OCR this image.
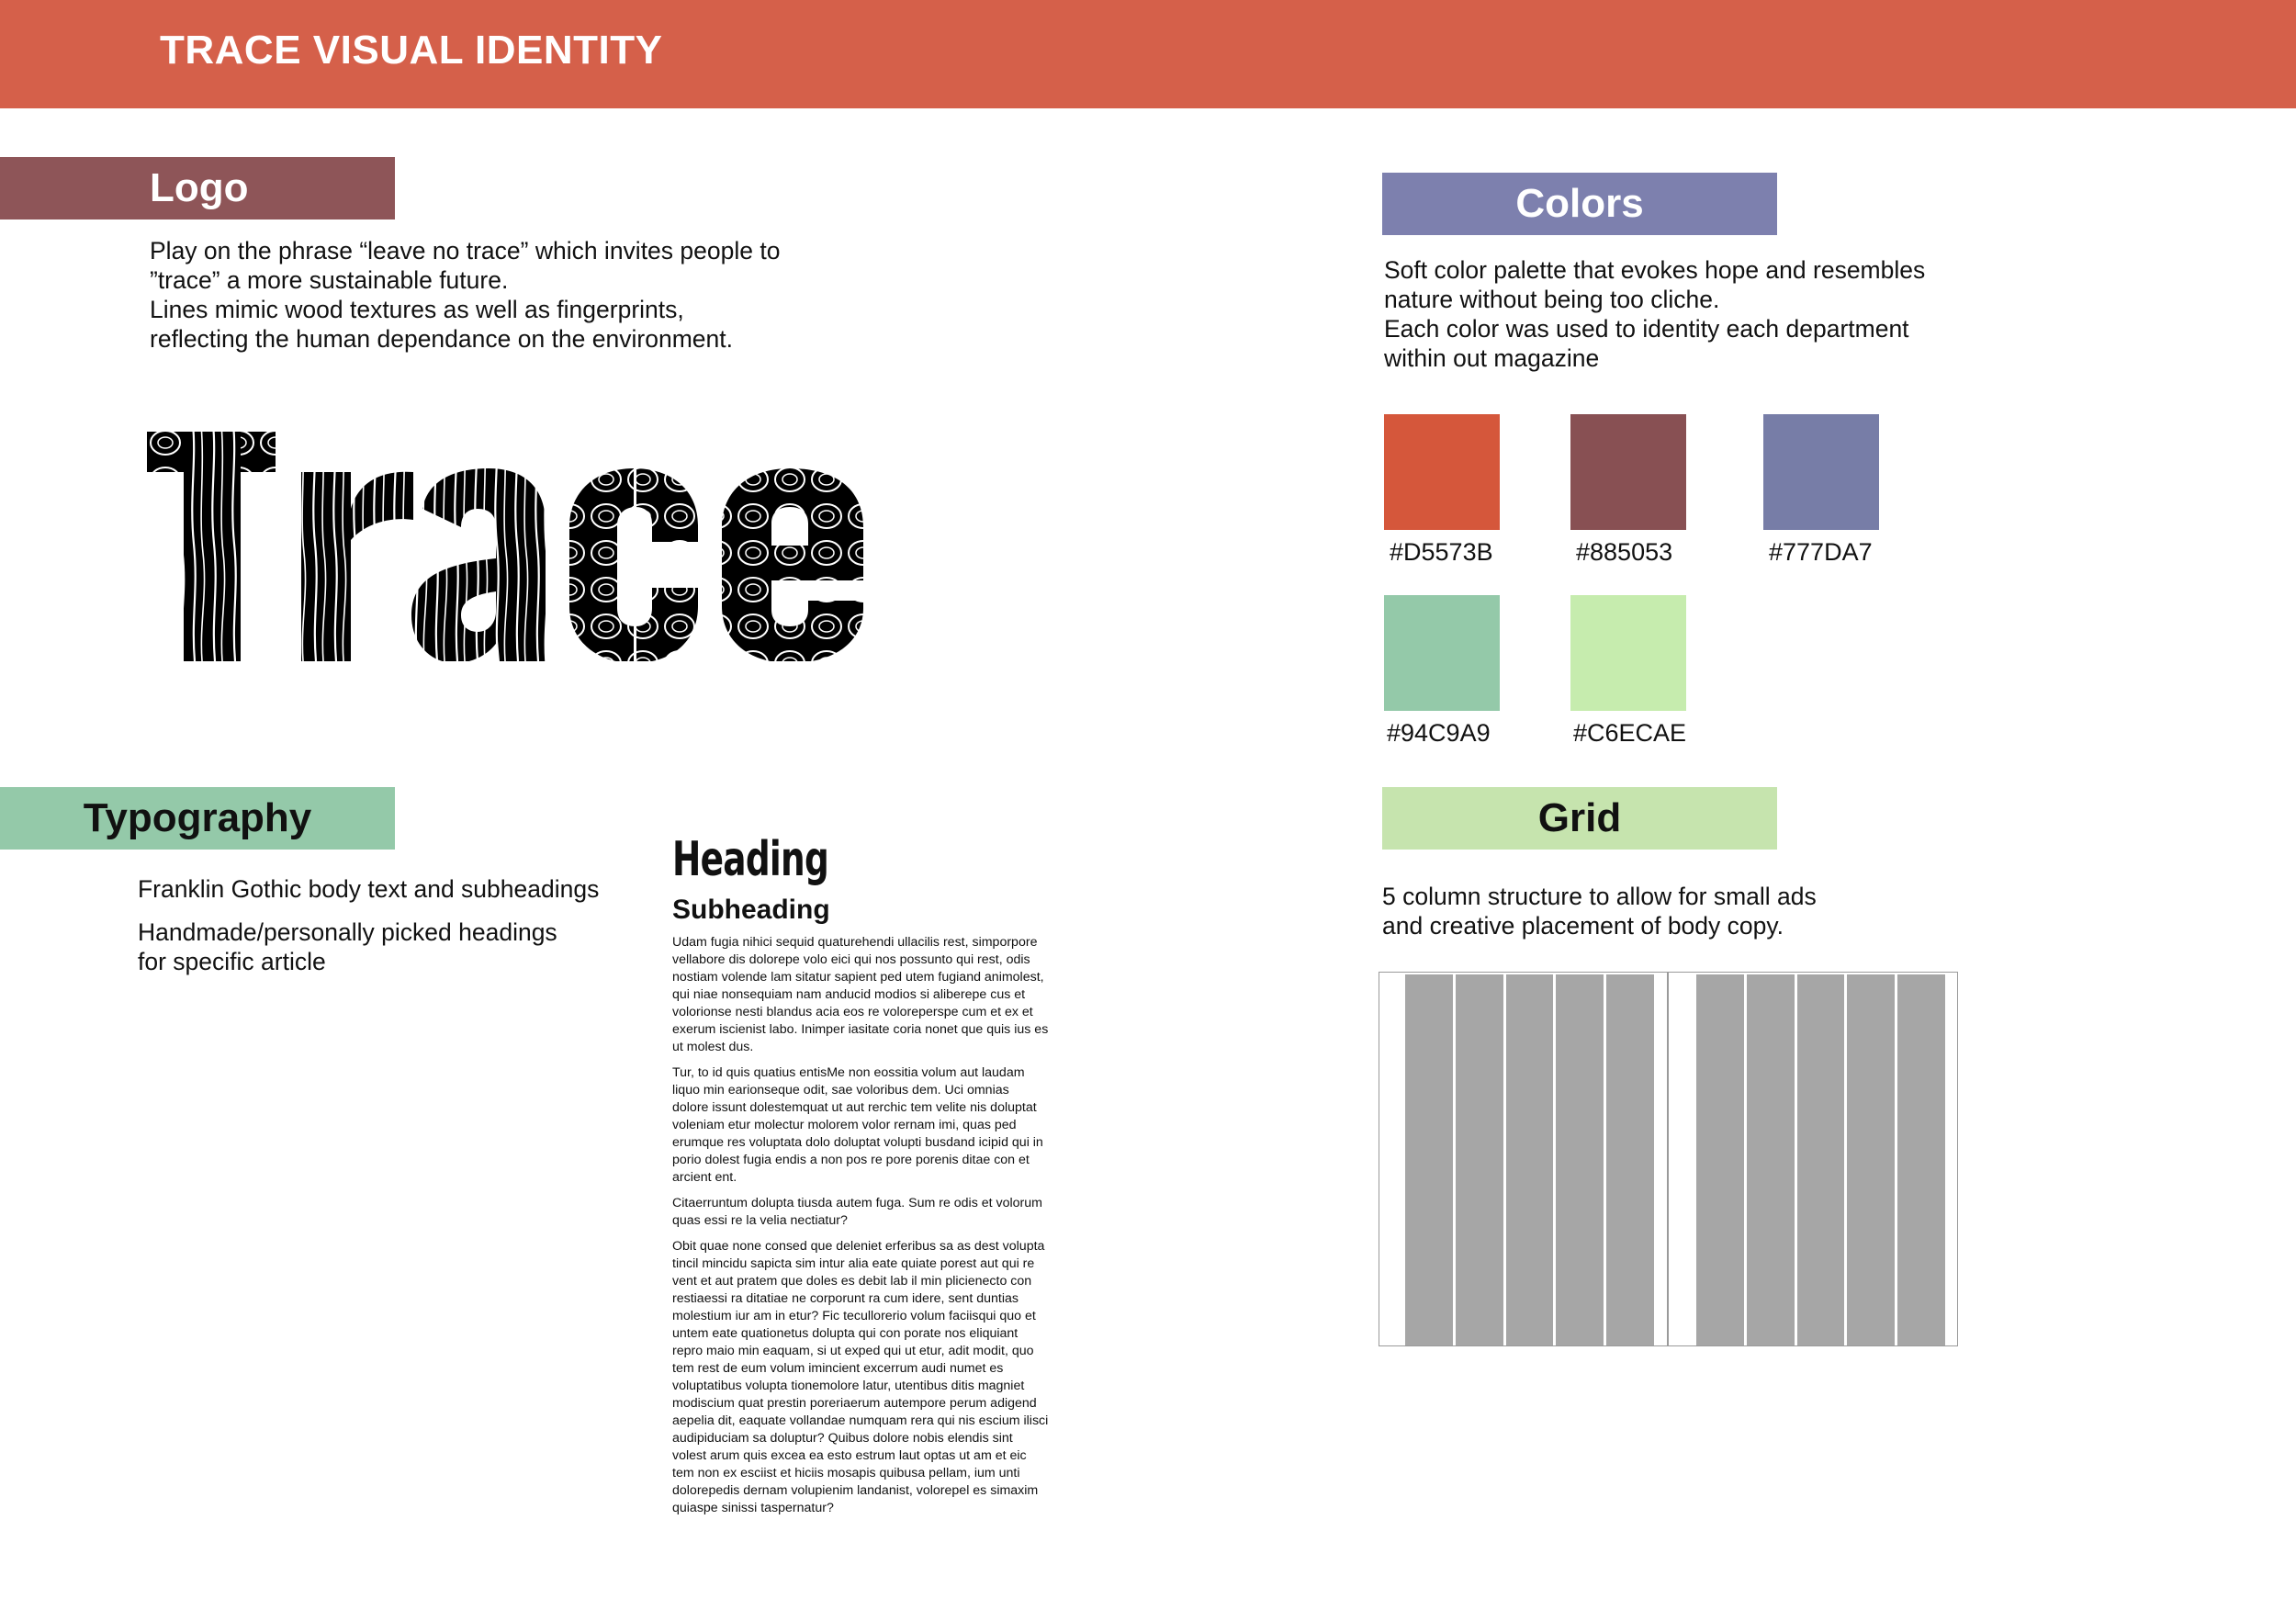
TRACE VISUAL IDENTITY
Logo
Play on the phrase “leave no trace” which invites people to
”trace” a more sustainable future.
Lines mimic wood textures as well as fingerprints,
reflecting the human dependance on the environment.
Colors
Soft color palette that evokes hope and resembles
nature without being too cliche.
Each color was used to identity each department
within out magazine
#D5573B	#885053	#777DA7
#94C9A9	#C6ECAE
Typography
Franklin Gothic body text and subheadings
Handmade/personally picked headings
for specific article
Heading
Subheading

Udam fugia nihici sequid quaturehendi ullacilis rest, simporpore vellabore dis dolorepe volo eici qui nos possunto qui rest, odis nostiam volende lam sitatur sapient ped utem fugiand animolest, qui niae nonsequiam nam anducid modios si aliberepe cus et volorionse nesti blandus acia eos re voloreperspe cum et ex et exerum iscienist labo. Inimper iasitate coria nonet que quis ius es ut molest dus.

Tur, to id quis quatius entisMe non eossitia volum aut laudam liquo min earionseque odit, sae voloribus dem. Uci omnias dolore issunt dolestemquat ut aut rerchic tem velite nis doluptat voleniam etur molectur molorem volor rernam imi, quas ped erumque res voluptata dolo doluptat volupti busdand icipid qui in porio dolest fugia endis a non pos re pore porenis ditae con et arcient ent.

Citaerruntum dolupta tiusda autem fuga. Sum re odis et volorum quas essi re la velia nectiatur?

Obit quae none consed que deleniet erferibus sa as dest volupta tincil mincidu sapicta sim intur alia eate quiate porest aut qui re vent et aut pratem que doles es debit lab il min plicienecto con restiaessi ra ditatiae ne corporunt ra cum idere, sent duntias molestium iur am in etur? Fic tecullorerio volum faciisqui quo et untem eate quationetus dolupta qui con porate nos eliquiant repro maio min eaquam, si ut exped qui ut etur, adit modit, quo tem rest de eum volum imincient excerrum audi numet es voluptatibus volupta tionemolore latur, utentibus ditis magniet modiscium quat prestin poreriaerum autempore perum adigend aepelia dit, eaquate vollandae numquam rera qui nis escium ilisci audipiduciam sa doluptur? Quibus dolore nobis elendis sint volest arum quis excea ea esto estrum laut optas ut am et eic tem non ex esciist et hiciis mosapis quibusa pellam, ium unti dolorepedis dernam volupienim landanist, volorepel es simaxim quiaspe sinissi taspernatur?

Grid
5 column structure to allow for small ads
and creative placement of body copy.
